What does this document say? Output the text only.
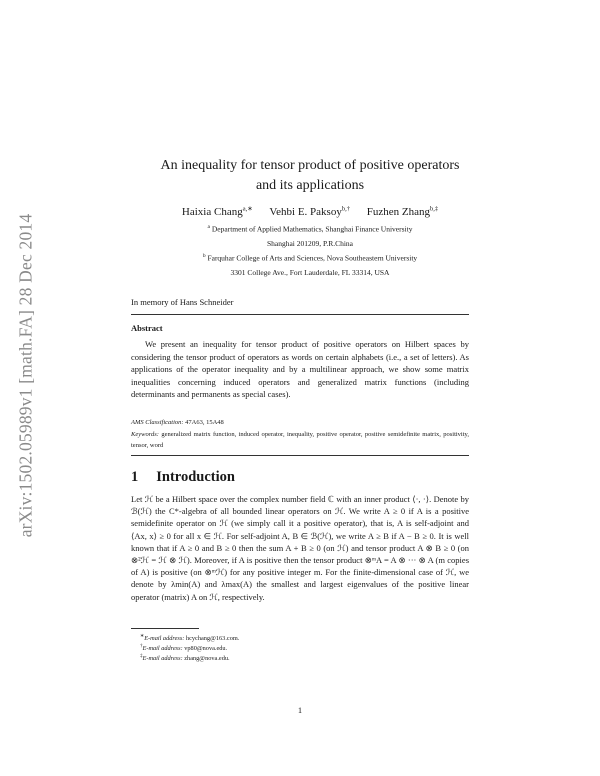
arXiv:1502.05989v1 [math.FA] 28 Dec 2014
An inequality for tensor product of positive operators
and its applications
Haixia Chang$^{a,∗}$ Vehbi E. Paksoy$^{b,\dagger}$ Fuzhen Zhang$^{b,\ddagger}$
$^a$ Department of Applied Mathematics, Shanghai Finance University
Shanghai 201209, P.R.China
$^b$ Farquhar College of Arts and Sciences, Nova Southeastern University
3301 College Ave., Fort Lauderdale, FL 33314, USA
In memory of Hans Schneider
Abstract
We present an inequality for tensor product of positive operators on Hilbert spaces by considering the tensor product of operators as words on certain alphabets (i.e., a set of letters). As applications of the operator inequality and by a multilinear approach, we show some matrix inequalities concerning induced operators and generalized matrix functions (including determinants and permanents as special cases).
AMS Classification: 47A63, 15A48
Keywords: generalized matrix function, induced operator, inequality, positive operator, positive semidefinite matrix, positivity, tensor, word
1 Introduction
Let ℋ be a Hilbert space over the complex number field ℂ with an inner product ⟨·, ·⟩. Denote by ℬ(ℋ) the C*-algebra of all bounded linear operators on ℋ. We write A ≥ 0 if A is a positive semidefinite operator on ℋ (we simply call it a positive operator), that is, A is self-adjoint and ⟨Ax, x⟩ ≥ 0 for all x ∈ ℋ. For self-adjoint A, B ∈ ℬ(ℋ), we write A ≥ B if A − B ≥ 0. It is well known that if A ≥ 0 and B ≥ 0 then the sum A + B ≥ 0 (on ℋ) and tensor product A ⊗ B ≥ 0 (on ⊗²ℋ = ℋ ⊗ ℋ). Moreover, if A is positive then the tensor product ⊗ᵐA = A ⊗ ··· ⊗ A (m copies of A) is positive (on ⊗ᵐℋ) for any positive integer m. For the finite-dimensional case of ℋ, we denote by λmin(A) and λmax(A) the smallest and largest eigenvalues of the positive linear operator (matrix) A on ℋ, respectively.
∗E-mail address: hcychang@163.com.
†E-mail address: vp80@nova.edu.
‡E-mail address: zhang@nova.edu.
1
